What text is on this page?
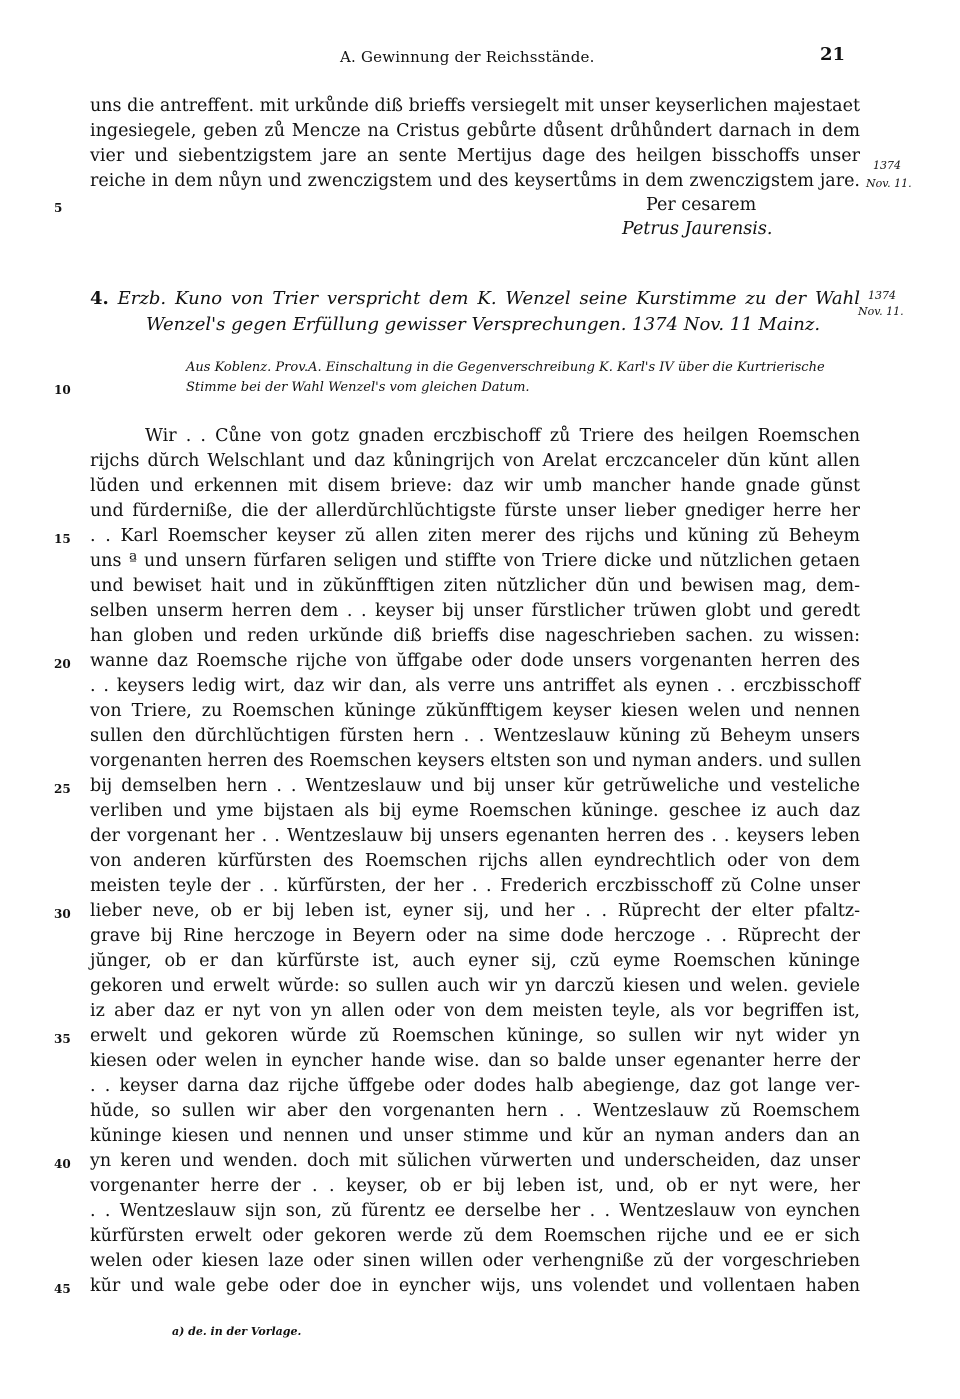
A. Gewinnung der Reichsstände.	21
uns die antreffent. mit urkůnde diß brieffs versiegelt mit unser keyserlichen majestaet
ingesiegele, geben zů Mencze na Cristus gebůrte důsent drůhůndert darnach in dem
vier und siebentzigstem jare an sente Mertijus dage des heilgen bisschoffs unser
reiche in dem nůyn und zwenczigstem und des keysertůms in dem zwenczigstem jare.
1374
Nov. 11.
5	Per cesarem
Petrus Jaurensis.
4. Erzb. Kuno von Trier verspricht dem K. Wenzel seine Kurstimme zu der Wahl
Wenzel's gegen Erfüllung gewisser Versprechungen. 1374 Nov. 11 Mainz.
1374
Nov. 11.
Aus Koblenz. Prov.A. Einschaltung in die Gegenverschreibung K. Karl's IV über die Kurtrierische
Stimme bei der Wahl Wenzel's vom gleichen Datum.
10
Wir . . Cůne von gotz gnaden erczbischoff zů Triere des heilgen Roemschen
rijchs dŭrch Welschlant und daz kůningrijch von Arelat erczcanceler dŭn kŭnt allen
lŭden und erkennen mit disem brieve: daz wir umb mancher hande gnade gŭnst
und fŭrderniße, die der allerdŭrchlŭchtigste fŭrste unser lieber gnediger herre her
. . Karl Roemscher keyser zŭ allen ziten merer des rijchs und kŭning zŭ Beheym
uns ª und unsern fŭrfaren seligen und stiffte von Triere dicke und nŭtzlichen getaen
und bewiset hait und in zŭkŭnfftigen ziten nŭtzlicher dŭn und bewisen mag, dem-
selben unserm herren dem . . keyser bij unser fŭrstlicher trŭwen globt und geredt
han globen und reden urkŭnde diß brieffs dise nageschrieben sachen. zu wissen:
wanne daz Roemsche rijche von ŭffgabe oder dode unsers vorgenanten herren des
. . keysers ledig wirt, daz wir dan, als verre uns antriffet als eynen . . erczbisschoff
von Triere, zu Roemschen kŭninge zŭkŭnfftigem keyser kiesen welen und nennen
sullen den dŭrchlŭchtigen fŭrsten hern . . Wentzeslauw kŭning zŭ Beheym unsers
vorgenanten herren des Roemschen keysers eltsten son und nyman anders. und sullen
bij demselben hern . . Wentzeslauw und bij unser kŭr getrŭweliche und vesteliche
verliben und yme bijstaen als bij eyme Roemschen kŭninge. geschee iz auch daz
der vorgenant her . . Wentzeslauw bij unsers egenanten herren des . . keysers leben
von anderen kŭrfŭrsten des Roemschen rijchs allen eyndrechtlich oder von dem
meisten teyle der . . kŭrfŭrsten, der her . . Frederich erczbisschoff zŭ Colne unser
lieber neve, ob er bij leben ist, eyner sij, und her . . Rŭprecht der elter pfaltz-
grave bij Rine herczoge in Beyern oder na sime dode herczoge . . Rŭprecht der
jŭnger, ob er dan kŭrfŭrste ist, auch eyner sij, czŭ eyme Roemschen kŭninge
gekoren und erwelt wŭrde: so sullen auch wir yn darczŭ kiesen und welen. geviele
iz aber daz er nyt von yn allen oder von dem meisten teyle, als vor begriffen ist,
erwelt und gekoren wŭrde zŭ Roemschen kŭninge, so sullen wir nyt wider yn
kiesen oder welen in eyncher hande wise. dan so balde unser egenanter herre der
. . keyser darna daz rijche ŭffgebe oder dodes halb abegienge, daz got lange ver-
hŭde, so sullen wir aber den vorgenanten hern . . Wentzeslauw zŭ Roemschem
kŭninge kiesen und nennen und unser stimme und kŭr an nyman anders dan an
yn keren und wenden. doch mit sŭlichen vŭrwerten und underscheiden, daz unser
vorgenanter herre der . . keyser, ob er bij leben ist, und, ob er nyt were, her
. . Wentzeslauw sijn son, zŭ fŭrentz ee derselbe her . . Wentzeslauw von eynchen
kŭrfŭrsten erwelt oder gekoren werde zŭ dem Roemschen rijche und ee er sich
welen oder kiesen laze oder sinen willen oder verhengniße zŭ der vorgeschrieben
kŭr und wale gebe oder doe in eyncher wijs, uns volendet und vollentaen haben
15
20
25
30
35
40
45
a) de. in der Vorlage.
